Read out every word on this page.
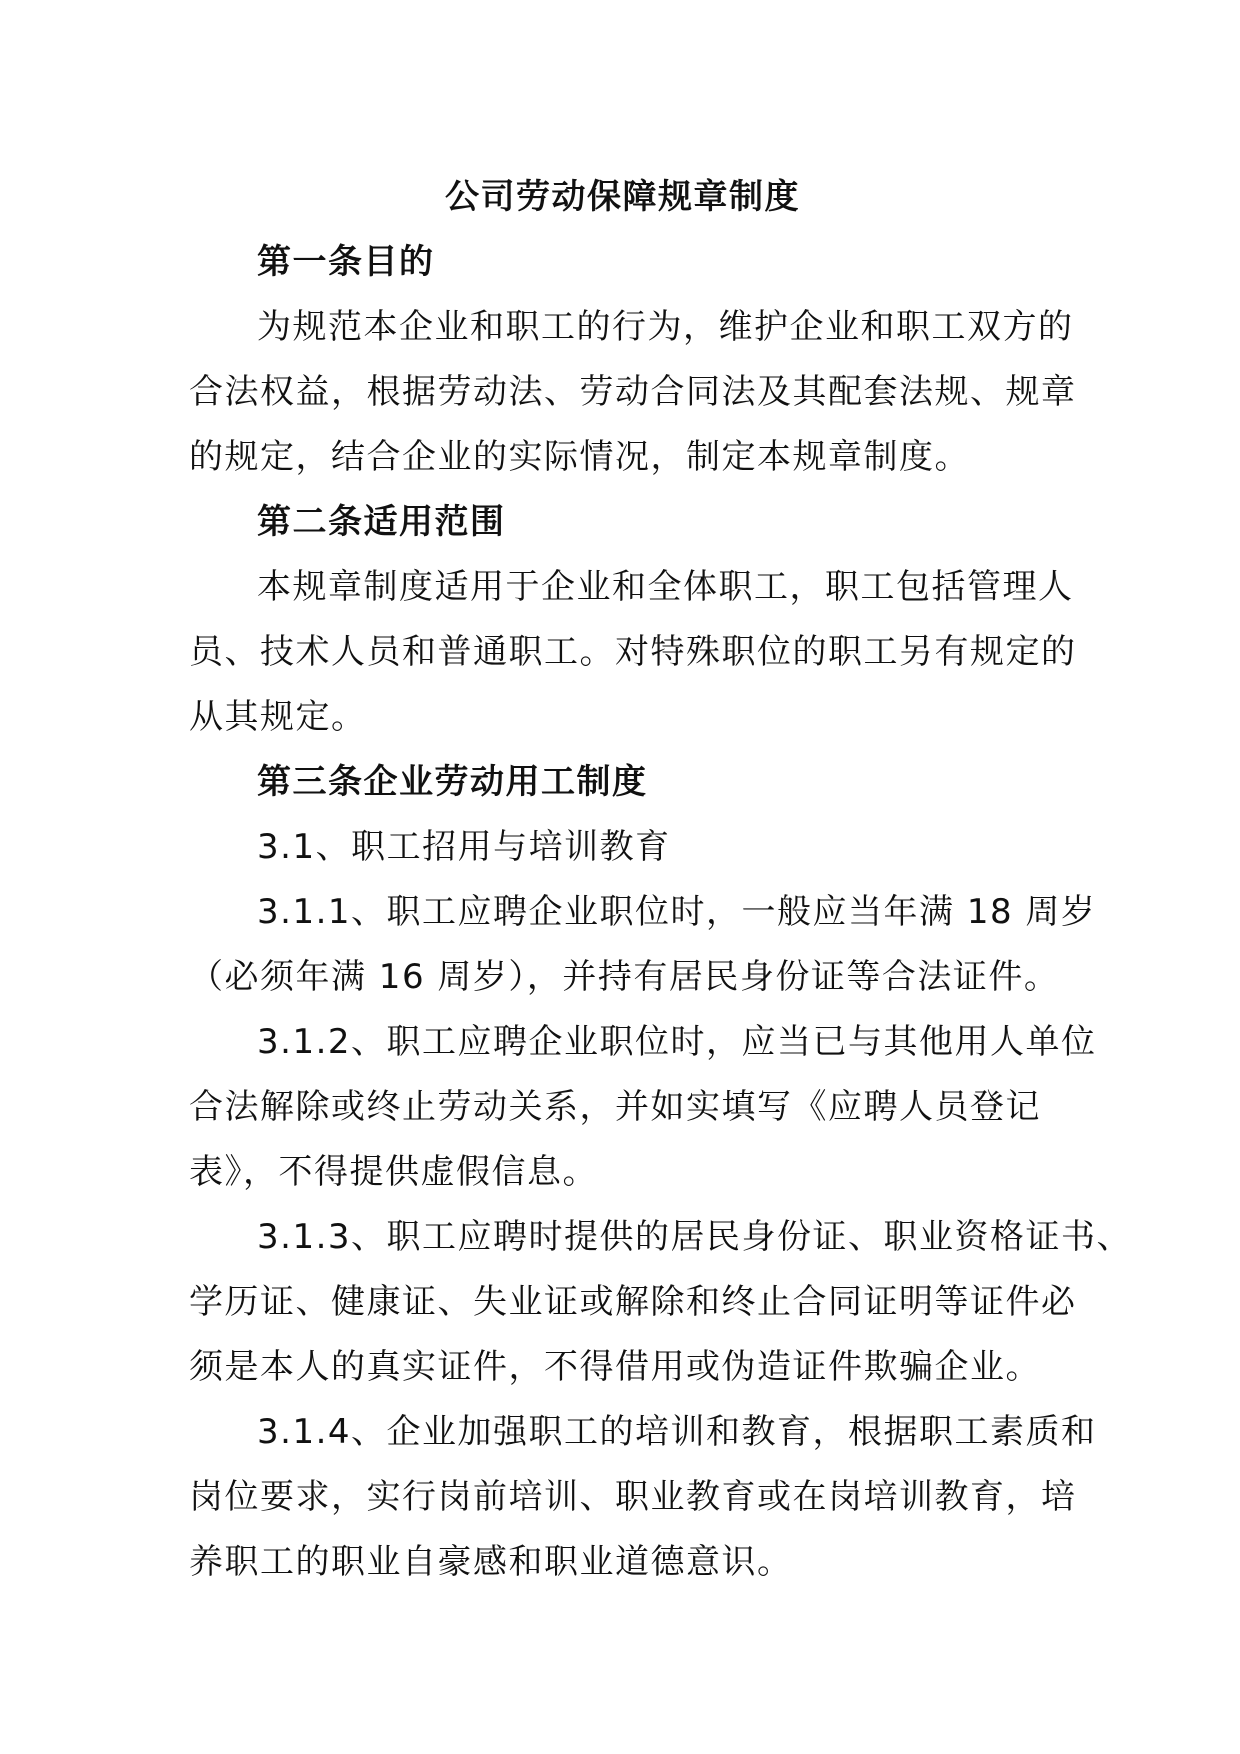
公司劳动保障规章制度
第一条目的
为规范本企业和职工的行为，维护企业和职工双方的
合法权益，根据劳动法、劳动合同法及其配套法规、规章
的规定，结合企业的实际情况，制定本规章制度。
第二条适用范围
本规章制度适用于企业和全体职工，职工包括管理人
员、技术人员和普通职工。对特殊职位的职工另有规定的
从其规定。
第三条企业劳动用工制度
3.1、职工招用与培训教育
3.1.1、职工应聘企业职位时，一般应当年满 18 周岁
（必须年满 16 周岁），并持有居民身份证等合法证件。
3.1.2、职工应聘企业职位时，应当已与其他用人单位
合法解除或终止劳动关系，并如实填写《应聘人员登记
表》，不得提供虚假信息。
3.1.3、职工应聘时提供的居民身份证、职业资格证书、
学历证、健康证、失业证或解除和终止合同证明等证件必
须是本人的真实证件，不得借用或伪造证件欺骗企业。
3.1.4、企业加强职工的培训和教育，根据职工素质和
岗位要求，实行岗前培训、职业教育或在岗培训教育，培
养职工的职业自豪感和职业道德意识。
